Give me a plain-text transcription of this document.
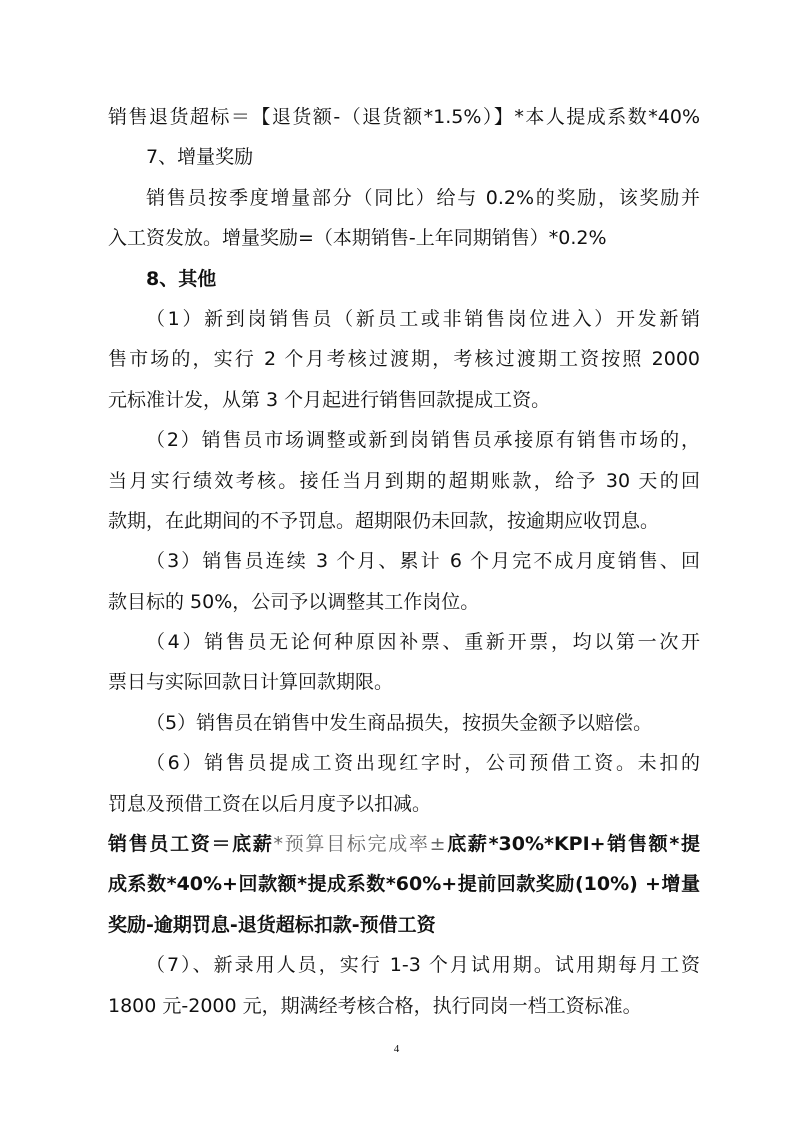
销售退货超标＝【退货额-（退货额*1.5%）】*本人提成系数*40%
7、增量奖励
销售员按季度增量部分（同比）给与 0.2%的奖励，该奖励并
入工资发放。增量奖励=（本期销售-上年同期销售）*0.2%
8、其他
（1）新到岗销售员（新员工或非销售岗位进入）开发新销
售市场的，实行 2 个月考核过渡期，考核过渡期工资按照 2000
元标准计发，从第 3 个月起进行销售回款提成工资。
（2）销售员市场调整或新到岗销售员承接原有销售市场的，
当月实行绩效考核。接任当月到期的超期账款，给予 30 天的回
款期，在此期间的不予罚息。超期限仍未回款，按逾期应收罚息。
（3）销售员连续 3 个月、累计 6 个月完不成月度销售、回
款目标的 50%，公司予以调整其工作岗位。
（4）销售员无论何种原因补票、重新开票，均以第一次开
票日与实际回款日计算回款期限。
（5）销售员在销售中发生商品损失，按损失金额予以赔偿。
（6）销售员提成工资出现红字时，公司预借工资。未扣的
罚息及预借工资在以后月度予以扣减。
销售员工资＝底薪*预算目标完成率±底薪*30%*KPI+销售额*提
成系数*40%+回款额*提成系数*60%+提前回款奖励(10%) +增量
奖励-逾期罚息-退货超标扣款-预借工资
（7）、新录用人员，实行 1-3 个月试用期。试用期每月工资
1800 元-2000 元，期满经考核合格，执行同岗一档工资标准。
4
